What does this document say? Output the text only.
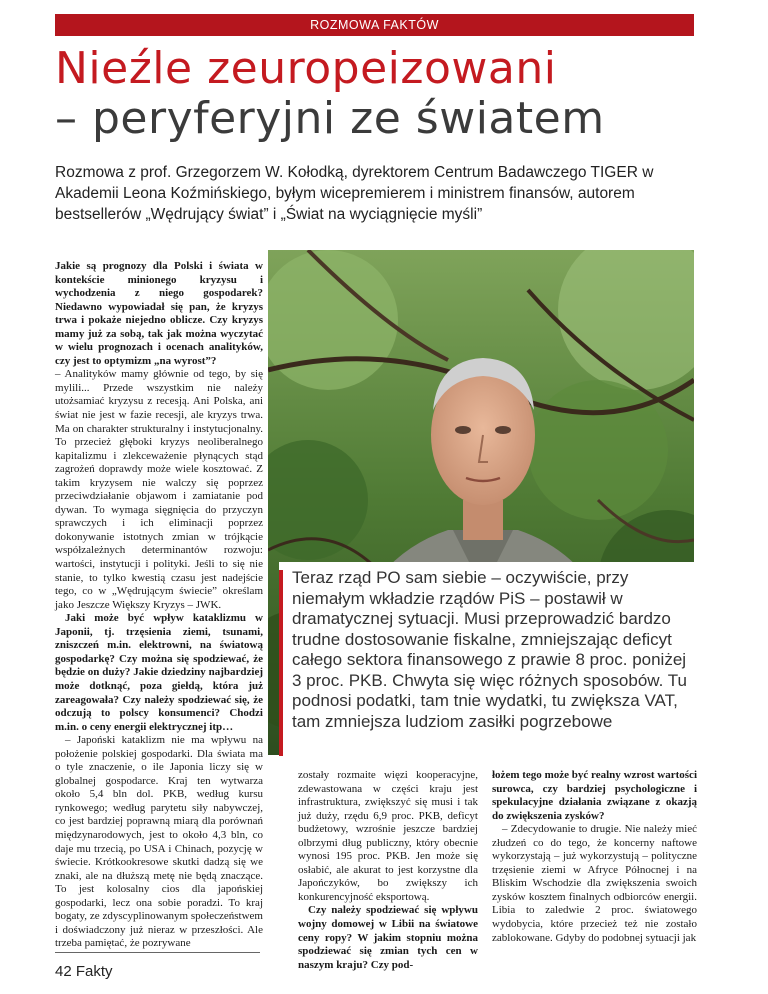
ROZMOWA FAKTÓW
Nieźle zeuropeizowani
– peryferyjni ze światem
Rozmowa z prof. Grzegorzem W. Kołodką, dyrektorem Centrum Badawczego TIGER w Akademii Leona Koźmińskiego, byłym wicepremierem i ministrem finansów, autorem bestsellerów „Wędrujący świat” i „Świat na wyciągnięcie myśli”

Jakie są prognozy dla Polski i świata w kontekście minionego kryzysu i wychodzenia z niego gospodarek? Niedawno wypowiadał się pan, że kryzys trwa i pokaże niejedno oblicze. Czy kryzys mamy już za sobą, tak jak można wyczytać w wielu prognozach i ocenach analityków, czy jest to optymizm „na wyrost”?

– Analityków mamy głównie od tego, by się mylili... Przede wszystkim nie należy utożsamiać kryzysu z recesją. Ani Polska, ani świat nie jest w fazie recesji, ale kryzys trwa. Ma on charakter strukturalny i instytucjonalny. To przecież głęboki kryzys neoliberalnego kapitalizmu i zlekceważenie płynących stąd zagrożeń doprawdy może wiele kosztować. Z takim kryzysem nie walczy się poprzez przeciwdziałanie objawom i zamiatanie pod dywan. To wymaga sięgnięcia do przyczyn sprawczych i ich eliminacji poprzez dokonywanie istotnych zmian w trójkącie współzależnych determinantów rozwoju: wartości, instytucji i polityki. Jeśli to się nie stanie, to tylko kwestią czasu jest nadejście tego, co w „Wędrującym świecie” określam jako Jeszcze Większy Kryzys – JWK.

Jaki może być wpływ kataklizmu w Japonii, tj. trzęsienia ziemi, tsunami, zniszczeń m.in. elektrowni, na światową gospodarkę? Czy można się spodziewać, że będzie on duży? Jakie dziedziny najbardziej może dotknąć, poza giełdą, która już zareagowała? Czy należy spodziewać się, że odczują to polscy konsumenci? Chodzi m.in. o ceny energii elektrycznej itp…

– Japoński kataklizm nie ma wpływu na położenie polskiej gospodarki. Dla świata ma o tyle znaczenie, o ile Japonia liczy się w globalnej gospodarce. Kraj ten wytwarza około 5,4 bln dol. PKB, według kursu rynkowego; według parytetu siły nabywczej, co jest bardziej poprawną miarą dla porównań międzynarodowych, jest to około 4,3 bln, co daje mu trzecią, po USA i Chinach, pozycję w świecie. Krótkookresowe skutki dadzą się we znaki, ale na dłuższą metę nie będą znaczące. To jest kolosalny cios dla japońskiej gospodarki, lecz ona sobie poradzi. To kraj bogaty, ze zdyscyplinowanym społeczeństwem i doświadczony już nieraz w przeszłości. Ale trzeba pamiętać, że pozrywane

Teraz rząd PO sam siebie – oczywiście, przy niemałym wkładzie rządów PiS – postawił w dramatycznej sytuacji. Musi przeprowadzić bardzo trudne dostosowanie fiskalne, zmniejszając deficyt całego sektora finansowego z prawie 8 proc. poniżej 3 proc. PKB. Chwyta się więc różnych sposobów. Tu podnosi podatki, tam tnie wydatki, tu zwiększa VAT, tam zmniejsza ludziom zasiłki pogrzebowe

zostały rozmaite więzi kooperacyjne, zdewastowana w części kraju jest infrastruktura, zwiększyć się musi i tak już duży, rzędu 6,9 proc. PKB, deficyt budżetowy, wzrośnie jeszcze bardziej olbrzymi dług publiczny, który obecnie wynosi 195 proc. PKB. Jen może się osłabić, ale akurat to jest korzystne dla Japończyków, bo zwiększy ich konkurencyjność eksportową.

Czy należy spodziewać się wpływu wojny domowej w Libii na światowe ceny ropy? W jakim stopniu można spodziewać się zmian tych cen w naszym kraju? Czy pod-

łożem tego może być realny wzrost wartości surowca, czy bardziej psychologiczne i spekulacyjne działania związane z okazją do zwiększenia zysków?

– Zdecydowanie to drugie. Nie należy mieć złudzeń co do tego, że koncerny naftowe wykorzystają – już wykorzystują – polityczne trzęsienie ziemi w Afryce Północnej i na Bliskim Wschodzie dla zwiększenia swoich zysków kosztem finalnych odbiorców energii. Libia to zaledwie 2 proc. światowego wydobycia, które przecież też nie zostało zablokowane. Gdyby do podobnej sytuacji jak

42 Fakty
